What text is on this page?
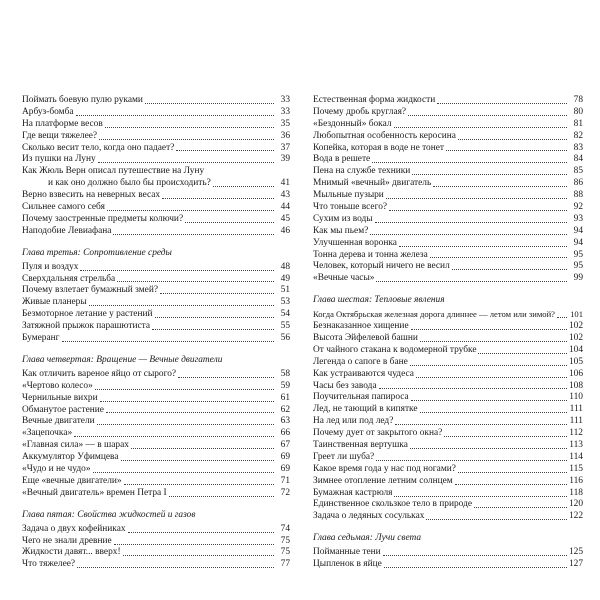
Поймать боевую пулю руками	33
Арбуз-бомба	33
На платформе весов	35
Где вещи тяжелее?	36
Сколько весит тело, когда оно падает?	37
Из пушки на Луну	39
Как Жюль Верн описал путешествие на Луну
и как оно должно было бы происходить?	41
Верно взвесить на неверных весах	43
Сильнее самого себя	44
Почему заостренные предметы колючи?	45
Наподобие Левиафана	46
Глава третья: Сопротивление среды
Пуля и воздух	48
Сверхдальняя стрельба	49
Почему взлетает бумажный змей?	51
Живые планеры	53
Безмоторное летание у растений	54
Затяжной прыжок парашютиста	55
Бумеранг	56
Глава четвертая: Вращение — Вечные двигатели
Как отличить вареное яйцо от сырого?	58
«Чертово колесо»	59
Чернильные вихри	61
Обманутое растение	62
Вечные двигатели	63
«Зацепочка»	66
«Главная сила» — в шарах	67
Аккумулятор Уфимцева	69
«Чудо и не чудо»	69
Еще «вечные двигатели»	71
«Вечный двигатель» времен Петра I	72
Глава пятая: Свойства жидкостей и газов
Задача о двух кофейниках	74
Чего не знали древние	75
Жидкости давят... вверх!	75
Что тяжелее?	77
Естественная форма жидкости	78
Почему дробь круглая?	80
«Бездонный» бокал	81
Любопытная особенность керосина	82
Копейка, которая в воде не тонет	83
Вода в решете	84
Пена на службе техники	85
Мнимый «вечный» двигатель	86
Мыльные пузыри	88
Что тоньше всего?	92
Сухим из воды	93
Как мы пьем?	94
Улучшенная воронка	94
Тонна дерева и тонна железа	95
Человек, который ничего не весил	95
«Вечные часы»	99
Глава шестая: Тепловые явления
Когда Октябрьская железная дорога длиннее — летом или зимой? 101
Безнаказанное хищение	102
Высота Эйфелевой башни	102
От чайного стакана к водомерной трубке	104
Легенда о сапоге в бане	105
Как устраиваются чудеса	106
Часы без завода	108
Поучительная папироса	110
Лед, не тающий в кипятке	111
На лед или под лед?	111
Почему дует от закрытого окна?	112
Таинственная вертушка	113
Греет ли шуба?	114
Какое время года у нас под ногами?	115
Зимнее отопление летним солнцем	116
Бумажная кастрюля	118
Единственное скользкое тело в природе	120
Задача о ледяных сосульках	122
Глава седьмая: Лучи света
Пойманные тени	125
Цыпленок в яйце	127
